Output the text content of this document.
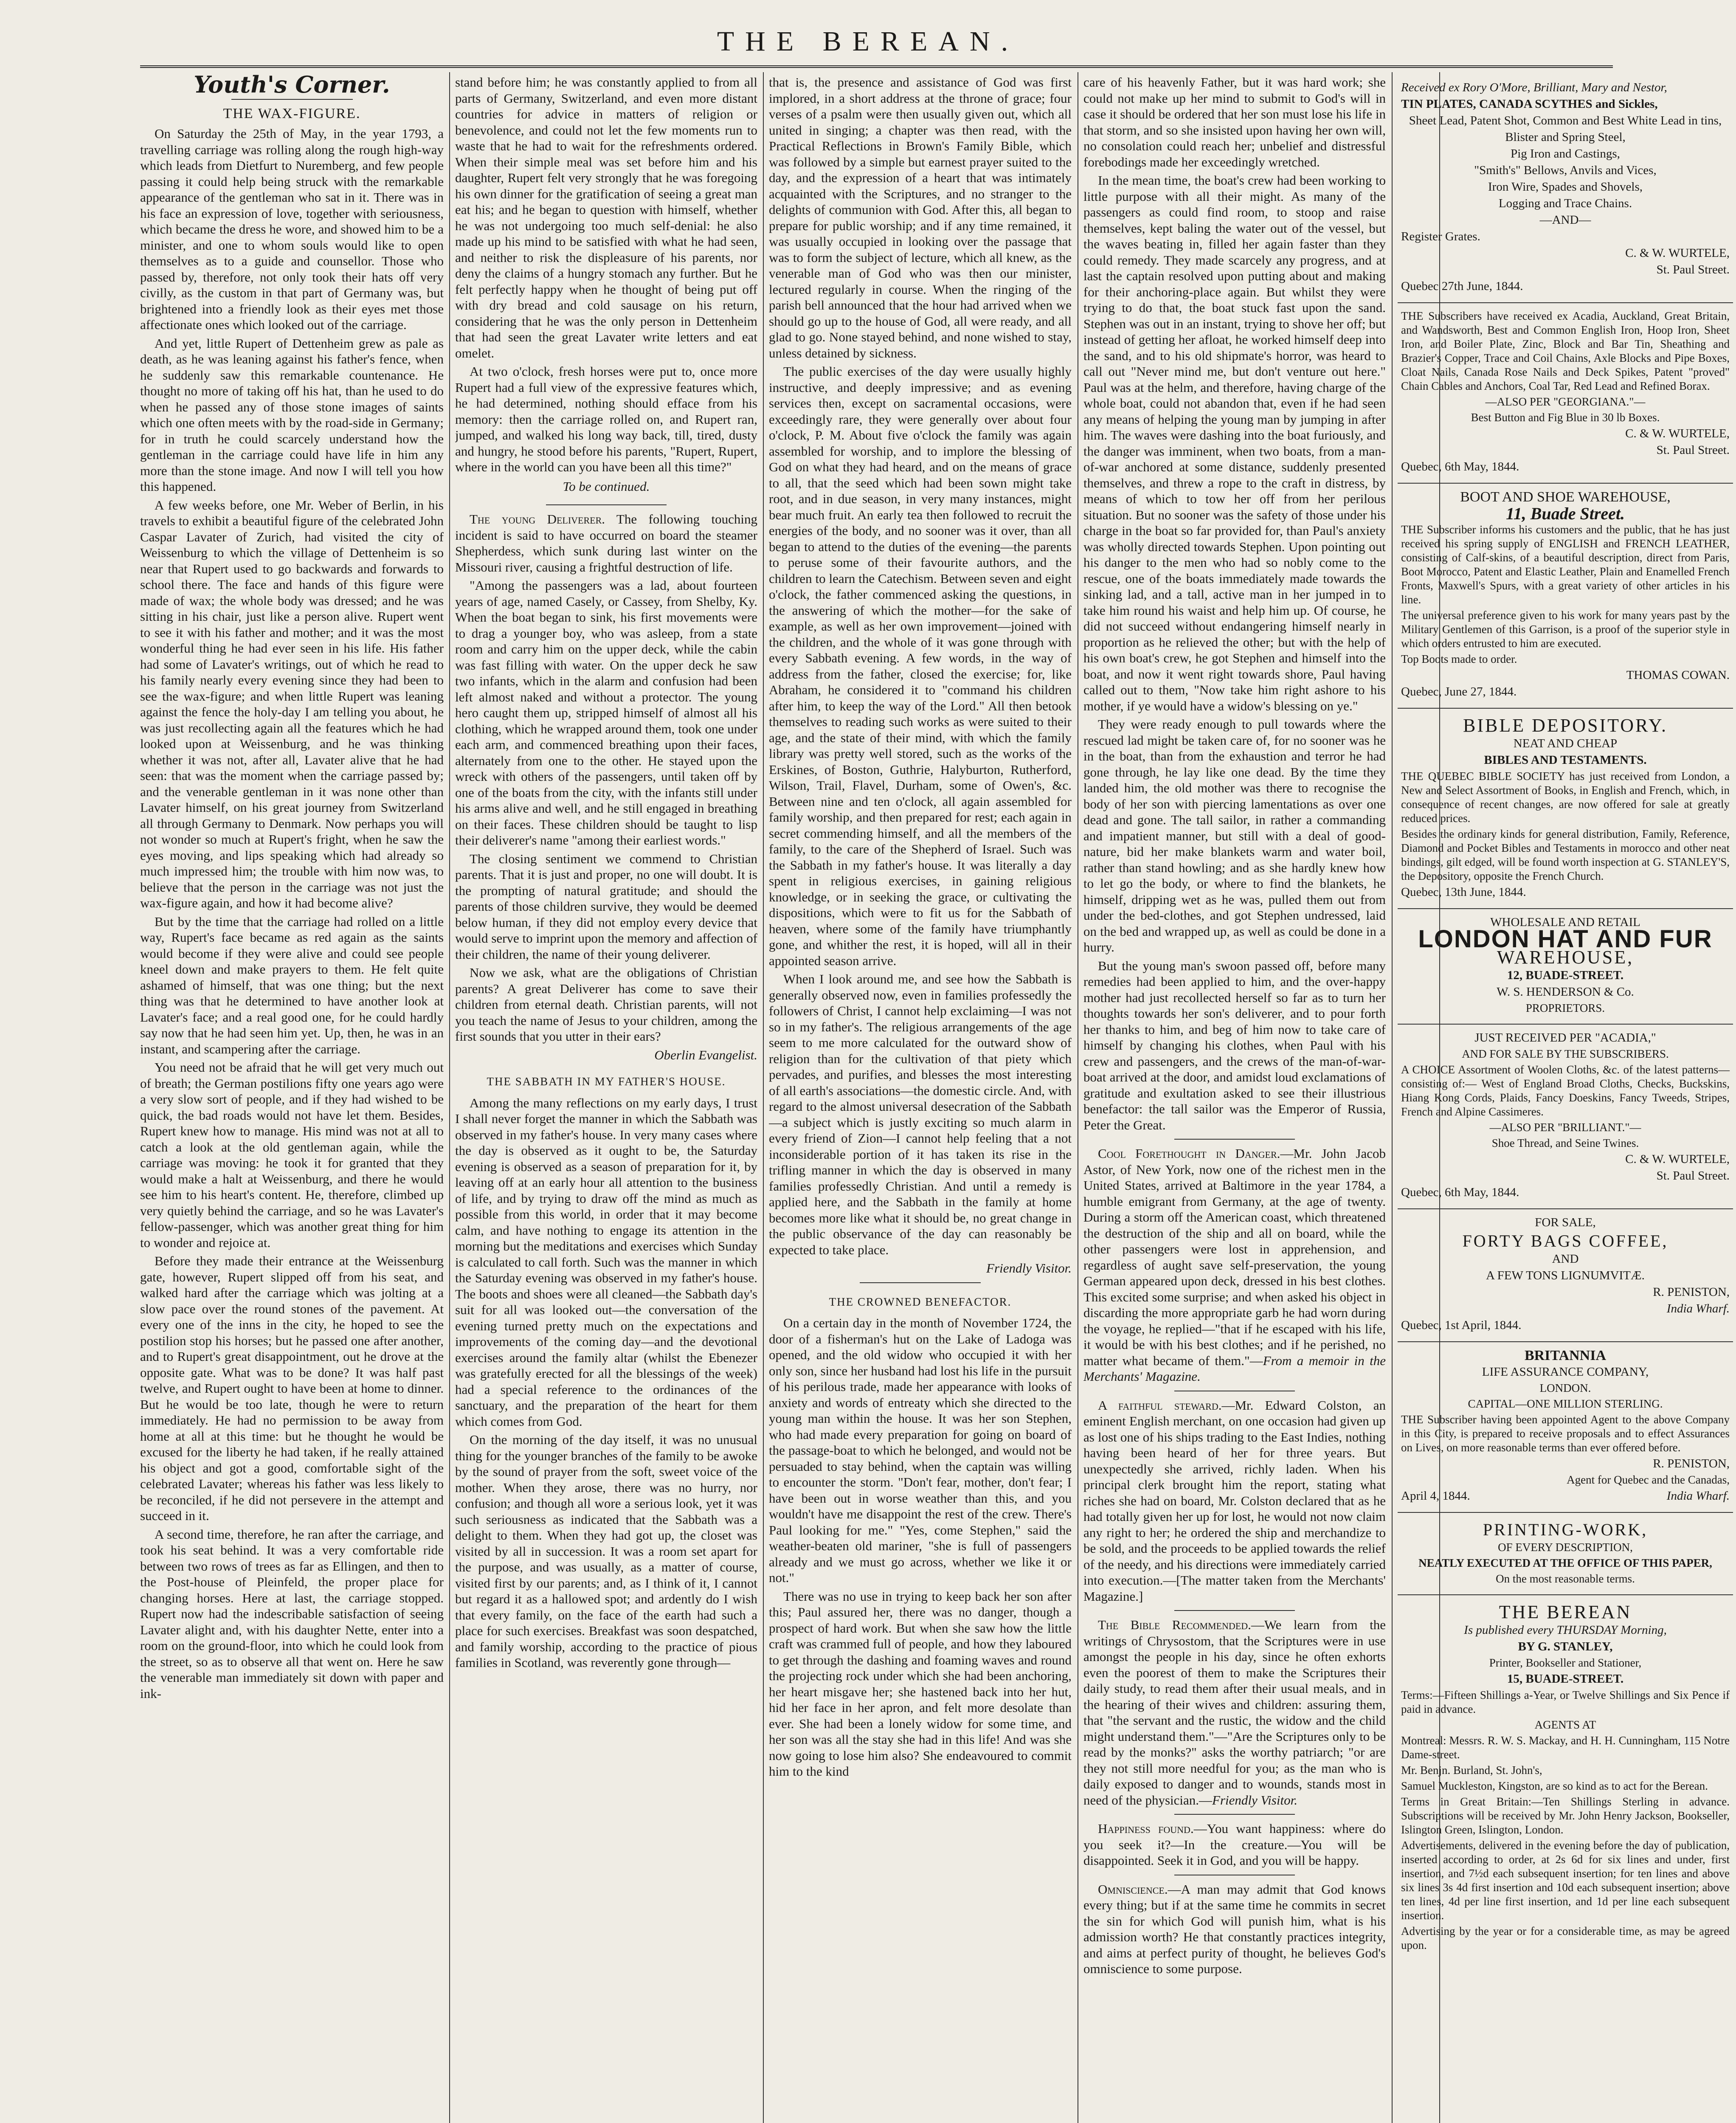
THE BEREAN.
Youth's Corner.
THE WAX-FIGURE.

On Saturday the 25th of May, in the year 1793, a travelling carriage was rolling along the rough high-way which leads from Dietfurt to Nuremberg, and few people passing it could help being struck with the remarkable appearance of the gentleman who sat in it. There was in his face an expression of love, together with seriousness, which became the dress he wore, and showed him to be a minister, and one to whom souls would like to open themselves as to a guide and counsellor. Those who passed by, therefore, not only took their hats off very civilly, as the custom in that part of Germany was, but brightened into a friendly look as their eyes met those affectionate ones which looked out of the carriage.

And yet, little Rupert of Dettenheim grew as pale as death, as he was leaning against his father's fence, when he suddenly saw this remarkable countenance. He thought no more of taking off his hat, than he used to do when he passed any of those stone images of saints which one often meets with by the road-side in Germany; for in truth he could scarcely understand how the gentleman in the carriage could have life in him any more than the stone image. And now I will tell you how this happened.

A few weeks before, one Mr. Weber of Berlin, in his travels to exhibit a beautiful figure of the celebrated John Caspar Lavater of Zurich, had visited the city of Weissenburg to which the village of Dettenheim is so near that Rupert used to go backwards and forwards to school there. The face and hands of this figure were made of wax; the whole body was dressed; and he was sitting in his chair, just like a person alive. Rupert went to see it with his father and mother; and it was the most wonderful thing he had ever seen in his life. His father had some of Lavater's writings, out of which he read to his family nearly every evening since they had been to see the wax-figure; and when little Rupert was leaning against the fence the holy-day I am telling you about, he was just recollecting again all the features which he had looked upon at Weissenburg, and he was thinking whether it was not, after all, Lavater alive that he had seen: that was the moment when the carriage passed by; and the venerable gentleman in it was none other than Lavater himself, on his great journey from Switzerland all through Germany to Denmark. Now perhaps you will not wonder so much at Rupert's fright, when he saw the eyes moving, and lips speaking which had already so much impressed him; the trouble with him now was, to believe that the person in the carriage was not just the wax-figure again, and how it had become alive?

But by the time that the carriage had rolled on a little way, Rupert's face became as red again as the saints would become if they were alive and could see people kneel down and make prayers to them. He felt quite ashamed of himself, that was one thing; but the next thing was that he determined to have another look at Lavater's face; and a real good one, for he could hardly say now that he had seen him yet. Up, then, he was in an instant, and scampering after the carriage.

You need not be afraid that he will get very much out of breath; the German postilions fifty one years ago were a very slow sort of people, and if they had wished to be quick, the bad roads would not have let them. Besides, Rupert knew how to manage. His mind was not at all to catch a look at the old gentleman again, while the carriage was moving: he took it for granted that they would make a halt at Weissenburg, and there he would see him to his heart's content. He, therefore, climbed up very quietly behind the carriage, and so he was Lavater's fellow-passenger, which was another great thing for him to wonder and rejoice at.

Before they made their entrance at the Weissenburg gate, however, Rupert slipped off from his seat, and walked hard after the carriage which was jolting at a slow pace over the round stones of the pavement. At every one of the inns in the city, he hoped to see the postilion stop his horses; but he passed one after another, and to Rupert's great disappointment, out he drove at the opposite gate. What was to be done? It was half past twelve, and Rupert ought to have been at home to dinner. But he would be too late, though he were to return immediately. He had no permission to be away from home at all at this time: but he thought he would be excused for the liberty he had taken, if he really attained his object and got a good, comfortable sight of the celebrated Lavater; whereas his father was less likely to be reconciled, if he did not persevere in the attempt and succeed in it.

A second time, therefore, he ran after the carriage, and took his seat behind. It was a very comfortable ride between two rows of trees as far as Ellingen, and then to the Post-house of Pleinfeld, the proper place for changing horses. Here at last, the carriage stopped. Rupert now had the indescribable satisfaction of seeing Lavater alight and, with his daughter Nette, enter into a room on the ground-floor, into which he could look from the street, so as to observe all that went on. Here he saw the venerable man immediately sit down with paper and ink-

stand before him; he was constantly applied to from all parts of Germany, Switzerland, and even more distant countries for advice in matters of religion or benevolence, and could not let the few moments run to waste that he had to wait for the refreshments ordered. When their simple meal was set before him and his daughter, Rupert felt very strongly that he was foregoing his own dinner for the gratification of seeing a great man eat his; and he began to question with himself, whether he was not undergoing too much self-denial: he also made up his mind to be satisfied with what he had seen, and neither to risk the displeasure of his parents, nor deny the claims of a hungry stomach any further. But he felt perfectly happy when he thought of being put off with dry bread and cold sausage on his return, considering that he was the only person in Dettenheim that had seen the great Lavater write letters and eat omelet.

At two o'clock, fresh horses were put to, once more Rupert had a full view of the expressive features which, he had determined, nothing should efface from his memory: then the carriage rolled on, and Rupert ran, jumped, and walked his long way back, till, tired, dusty and hungry, he stood before his parents, "Rupert, Rupert, where in the world can you have been all this time?"

To be continued.

The young Deliverer. The following touching incident is said to have occurred on board the steamer Shepherdess, which sunk during last winter on the Missouri river, causing a frightful destruction of life.

"Among the passengers was a lad, about fourteen years of age, named Casely, or Cassey, from Shelby, Ky. When the boat began to sink, his first movements were to drag a younger boy, who was asleep, from a state room and carry him on the upper deck, while the cabin was fast filling with water. On the upper deck he saw two infants, which in the alarm and confusion had been left almost naked and without a protector. The young hero caught them up, stripped himself of almost all his clothing, which he wrapped around them, took one under each arm, and commenced breathing upon their faces, alternately from one to the other. He stayed upon the wreck with others of the passengers, until taken off by one of the boats from the city, with the infants still under his arms alive and well, and he still engaged in breathing on their faces. These children should be taught to lisp their deliverer's name "among their earliest words."

The closing sentiment we commend to Christian parents. That it is just and proper, no one will doubt. It is the prompting of natural gratitude; and should the parents of those children survive, they would be deemed below human, if they did not employ every device that would serve to imprint upon the memory and affection of their children, the name of their young deliverer.

Now we ask, what are the obligations of Christian parents? A great Deliverer has come to save their children from eternal death. Christian parents, will not you teach the name of Jesus to your children, among the first sounds that you utter in their ears?

Oberlin Evangelist.
THE SABBATH IN MY FATHER'S HOUSE.

Among the many reflections on my early days, I trust I shall never forget the manner in which the Sabbath was observed in my father's house. In very many cases where the day is observed as it ought to be, the Saturday evening is observed as a season of preparation for it, by leaving off at an early hour all attention to the business of life, and by trying to draw off the mind as much as possible from this world, in order that it may become calm, and have nothing to engage its attention in the morning but the meditations and exercises which Sunday is calculated to call forth. Such was the manner in which the Saturday evening was observed in my father's house. The boots and shoes were all cleaned—the Sabbath day's suit for all was looked out—the conversation of the evening turned pretty much on the expectations and improvements of the coming day—and the devotional exercises around the family altar (whilst the Ebenezer was gratefully erected for all the blessings of the week) had a special reference to the ordinances of the sanctuary, and the preparation of the heart for them which comes from God.

On the morning of the day itself, it was no unusual thing for the younger branches of the family to be awoke by the sound of prayer from the soft, sweet voice of the mother. When they arose, there was no hurry, nor confusion; and though all wore a serious look, yet it was such seriousness as indicated that the Sabbath was a delight to them. When they had got up, the closet was visited by all in succession. It was a room set apart for the purpose, and was usually, as a matter of course, visited first by our parents; and, as I think of it, I cannot but regard it as a hallowed spot; and ardently do I wish that every family, on the face of the earth had such a place for such exercises. Breakfast was soon despatched, and family worship, according to the practice of pious families in Scotland, was reverently gone through—

that is, the presence and assistance of God was first implored, in a short address at the throne of grace; four verses of a psalm were then usually given out, which all united in singing; a chapter was then read, with the Practical Reflections in Brown's Family Bible, which was followed by a simple but earnest prayer suited to the day, and the expression of a heart that was intimately acquainted with the Scriptures, and no stranger to the delights of communion with God. After this, all began to prepare for public worship; and if any time remained, it was usually occupied in looking over the passage that was to form the subject of lecture, which all knew, as the venerable man of God who was then our minister, lectured regularly in course. When the ringing of the parish bell announced that the hour had arrived when we should go up to the house of God, all were ready, and all glad to go. None stayed behind, and none wished to stay, unless detained by sickness.

The public exercises of the day were usually highly instructive, and deeply impressive; and as evening services then, except on sacramental occasions, were exceedingly rare, they were generally over about four o'clock, P. M. About five o'clock the family was again assembled for worship, and to implore the blessing of God on what they had heard, and on the means of grace to all, that the seed which had been sown might take root, and in due season, in very many instances, might bear much fruit. An early tea then followed to recruit the energies of the body, and no sooner was it over, than all began to attend to the duties of the evening—the parents to peruse some of their favourite authors, and the children to learn the Catechism. Between seven and eight o'clock, the father commenced asking the questions, in the answering of which the mother—for the sake of example, as well as her own improvement—joined with the children, and the whole of it was gone through with every Sabbath evening. A few words, in the way of address from the father, closed the exercise; for, like Abraham, he considered it to "command his children after him, to keep the way of the Lord." All then betook themselves to reading such works as were suited to their age, and the state of their mind, with which the family library was pretty well stored, such as the works of the Erskines, of Boston, Guthrie, Halyburton, Rutherford, Wilson, Trail, Flavel, Durham, some of Owen's, &c. Between nine and ten o'clock, all again assembled for family worship, and then prepared for rest; each again in secret commending himself, and all the members of the family, to the care of the Shepherd of Israel. Such was the Sabbath in my father's house. It was literally a day spent in religious exercises, in gaining religious knowledge, or in seeking the grace, or cultivating the dispositions, which were to fit us for the Sabbath of heaven, where some of the family have triumphantly gone, and whither the rest, it is hoped, will all in their appointed season arrive.

When I look around me, and see how the Sabbath is generally observed now, even in families professedly the followers of Christ, I cannot help exclaiming—I was not so in my father's. The religious arrangements of the age seem to me more calculated for the outward show of religion than for the cultivation of that piety which pervades, and purifies, and blesses the most interesting of all earth's associations—the domestic circle. And, with regard to the almost universal desecration of the Sabbath—a subject which is justly exciting so much alarm in every friend of Zion—I cannot help feeling that a not inconsiderable portion of it has taken its rise in the trifling manner in which the day is observed in many families professedly Christian. And until a remedy is applied here, and the Sabbath in the family at home becomes more like what it should be, no great change in the public observance of the day can reasonably be expected to take place.

Friendly Visitor.
THE CROWNED BENEFACTOR.

On a certain day in the month of November 1724, the door of a fisherman's hut on the Lake of Ladoga was opened, and the old widow who occupied it with her only son, since her husband had lost his life in the pursuit of his perilous trade, made her appearance with looks of anxiety and words of entreaty which she directed to the young man within the house. It was her son Stephen, who had made every preparation for going on board of the passage-boat to which he belonged, and would not be persuaded to stay behind, when the captain was willing to encounter the storm. "Don't fear, mother, don't fear; I have been out in worse weather than this, and you wouldn't have me disappoint the rest of the crew. There's Paul looking for me." "Yes, come Stephen," said the weather-beaten old mariner, "she is full of passengers already and we must go across, whether we like it or not."

There was no use in trying to keep back her son after this; Paul assured her, there was no danger, though a prospect of hard work. But when she saw how the little craft was crammed full of people, and how they laboured to get through the dashing and foaming waves and round the projecting rock under which she had been anchoring, her heart misgave her; she hastened back into her hut, hid her face in her apron, and felt more desolate than ever. She had been a lonely widow for some time, and her son was all the stay she had in this life! And was she now going to lose him also? She endeavoured to commit him to the kind

care of his heavenly Father, but it was hard work; she could not make up her mind to submit to God's will in case it should be ordered that her son must lose his life in that storm, and so she insisted upon having her own will, no consolation could reach her; unbelief and distressful forebodings made her exceedingly wretched.

In the mean time, the boat's crew had been working to little purpose with all their might. As many of the passengers as could find room, to stoop and raise themselves, kept baling the water out of the vessel, but the waves beating in, filled her again faster than they could remedy. They made scarcely any progress, and at last the captain resolved upon putting about and making for their anchoring-place again. But whilst they were trying to do that, the boat stuck fast upon the sand. Stephen was out in an instant, trying to shove her off; but instead of getting her afloat, he worked himself deep into the sand, and to his old shipmate's horror, was heard to call out "Never mind me, but don't venture out here." Paul was at the helm, and therefore, having charge of the whole boat, could not abandon that, even if he had seen any means of helping the young man by jumping in after him. The waves were dashing into the boat furiously, and the danger was imminent, when two boats, from a man-of-war anchored at some distance, suddenly presented themselves, and threw a rope to the craft in distress, by means of which to tow her off from her perilous situation. But no sooner was the safety of those under his charge in the boat so far provided for, than Paul's anxiety was wholly directed towards Stephen. Upon pointing out his danger to the men who had so nobly come to the rescue, one of the boats immediately made towards the sinking lad, and a tall, active man in her jumped in to take him round his waist and help him up. Of course, he did not succeed without endangering himself nearly in proportion as he relieved the other; but with the help of his own boat's crew, he got Stephen and himself into the boat, and now it went right towards shore, Paul having called out to them, "Now take him right ashore to his mother, if ye would have a widow's blessing on ye."

They were ready enough to pull towards where the rescued lad might be taken care of, for no sooner was he in the boat, than from the exhaustion and terror he had gone through, he lay like one dead. By the time they landed him, the old mother was there to recognise the body of her son with piercing lamentations as over one dead and gone. The tall sailor, in rather a commanding and impatient manner, but still with a deal of good-nature, bid her make blankets warm and water boil, rather than stand howling; and as she hardly knew how to let go the body, or where to find the blankets, he himself, dripping wet as he was, pulled them out from under the bed-clothes, and got Stephen undressed, laid on the bed and wrapped up, as well as could be done in a hurry.

But the young man's swoon passed off, before many remedies had been applied to him, and the over-happy mother had just recollected herself so far as to turn her thoughts towards her son's deliverer, and to pour forth her thanks to him, and beg of him now to take care of himself by changing his clothes, when Paul with his crew and passengers, and the crews of the man-of-war-boat arrived at the door, and amidst loud exclamations of gratitude and exultation asked to see their illustrious benefactor: the tall sailor was the Emperor of Russia, Peter the Great.

Cool Forethought in Danger.—Mr. John Jacob Astor, of New York, now one of the richest men in the United States, arrived at Baltimore in the year 1784, a humble emigrant from Germany, at the age of twenty. During a storm off the American coast, which threatened the destruction of the ship and all on board, while the other passengers were lost in apprehension, and regardless of aught save self-preservation, the young German appeared upon deck, dressed in his best clothes. This excited some surprise; and when asked his object in discarding the more appropriate garb he had worn during the voyage, he replied—"that if he escaped with his life, it would be with his best clothes; and if he perished, no matter what became of them."—From a memoir in the Merchants' Magazine.

A faithful steward.—Mr. Edward Colston, an eminent English merchant, on one occasion had given up as lost one of his ships trading to the East Indies, nothing having been heard of her for three years. But unexpectedly she arrived, richly laden. When his principal clerk brought him the report, stating what riches she had on board, Mr. Colston declared that as he had totally given her up for lost, he would not now claim any right to her; he ordered the ship and merchandize to be sold, and the proceeds to be applied towards the relief of the needy, and his directions were immediately carried into execution.—[The matter taken from the Merchants' Magazine.]

The Bible Recommended.—We learn from the writings of Chrysostom, that the Scriptures were in use amongst the people in his day, since he often exhorts even the poorest of them to make the Scriptures their daily study, to read them after their usual meals, and in the hearing of their wives and children: assuring them, that "the servant and the rustic, the widow and the child might understand them."—"Are the Scriptures only to be read by the monks?" asks the worthy patriarch; "or are they not still more needful for you; as the man who is daily exposed to danger and to wounds, stands most in need of the physician.—Friendly Visitor.

Happiness found.—You want happiness: where do you seek it?—In the creature.—You will be disappointed. Seek it in God, and you will be happy.

Omniscience.—A man may admit that God knows every thing; but if at the same time he commits in secret the sin for which God will punish him, what is his admission worth? He that constantly practices integrity, and aims at perfect purity of thought, he believes God's omniscience to some purpose.

Received ex Rory O'More, Brilliant, Mary and Nestor,

TIN PLATES, CANADA SCYTHES and Sickles,

Sheet Lead, Patent Shot, Common and Best White Lead in tins,

Blister and Spring Steel,

Pig Iron and Castings,

"Smith's" Bellows, Anvils and Vices,

Iron Wire, Spades and Shovels,

Logging and Trace Chains.

—AND—

Register Grates.

C. & W. WURTELE,

St. Paul Street.

Quebec 27th June, 1844.

THE Subscribers have received ex Acadia, Auckland, Great Britain, and Wandsworth, Best and Common English Iron, Hoop Iron, Sheet Iron, and Boiler Plate, Zinc, Block and Bar Tin, Sheathing and Brazier's Copper, Trace and Coil Chains, Axle Blocks and Pipe Boxes, Cloat Nails, Canada Rose Nails and Deck Spikes, Patent "proved" Chain Cables and Anchors, Coal Tar, Red Lead and Refined Borax.

—ALSO PER "GEORGIANA."—

Best Button and Fig Blue in 30 lb Boxes.

C. & W. WURTELE,

St. Paul Street.

Quebec, 6th May, 1844.

BOOT AND SHOE WAREHOUSE,

11, Buade Street.

THE Subscriber informs his customers and the public, that he has just received his spring supply of ENGLISH and FRENCH LEATHER, consisting of Calf-skins, of a beautiful description, direct from Paris, Boot Morocco, Patent and Elastic Leather, Plain and Enamelled French Fronts, Maxwell's Spurs, with a great variety of other articles in his line.

The universal preference given to his work for many years past by the Military Gentlemen of this Garrison, is a proof of the superior style in which orders entrusted to him are executed.

Top Boots made to order.

THOMAS COWAN.

Quebec, June 27, 1844.

BIBLE DEPOSITORY.

NEAT AND CHEAP

BIBLES AND TESTAMENTS.

THE QUEBEC BIBLE SOCIETY has just received from London, a New and Select Assortment of Books, in English and French, which, in consequence of recent changes, are now offered for sale at greatly reduced prices.

Besides the ordinary kinds for general distribution, Family, Reference, Diamond and Pocket Bibles and Testaments in morocco and other neat bindings, gilt edged, will be found worth inspection at G. STANLEY'S, the Depository, opposite the French Church.

Quebec, 13th June, 1844.

WHOLESALE AND RETAIL

LONDON HAT AND FUR

WAREHOUSE,

12, BUADE-STREET.

W. S. HENDERSON & Co.

PROPRIETORS.

JUST RECEIVED PER "ACADIA,"

AND FOR SALE BY THE SUBSCRIBERS.

A CHOICE Assortment of Woolen Cloths, &c. of the latest patterns—consisting of:— West of England Broad Cloths, Checks, Buckskins, Hiang Kong Cords, Plaids, Fancy Doeskins, Fancy Tweeds, Stripes, French and Alpine Cassimeres.

—ALSO PER "BRILLIANT."—

Shoe Thread, and Seine Twines.

C. & W. WURTELE,

St. Paul Street.

Quebec, 6th May, 1844.

FOR SALE,

FORTY BAGS COFFEE,

AND

A FEW TONS LIGNUMVITÆ.

R. PENISTON,

India Wharf.

Quebec, 1st April, 1844.

BRITANNIA

LIFE ASSURANCE COMPANY,

LONDON.

CAPITAL—ONE MILLION STERLING.

THE Subscriber having been appointed Agent to the above Company in this City, is prepared to receive proposals and to effect Assurances on Lives, on more reasonable terms than ever offered before.

R. PENISTON,

Agent for Quebec and the Canadas,

April 4, 1844.	India Wharf.

PRINTING-WORK,

OF EVERY DESCRIPTION,

NEATLY EXECUTED AT THE OFFICE OF THIS PAPER,

On the most reasonable terms.

THE BEREAN

Is published every THURSDAY Morning,

BY G. STANLEY,

Printer, Bookseller and Stationer,

15, BUADE-STREET.

Terms:—Fifteen Shillings a-Year, or Twelve Shillings and Six Pence if paid in advance.

AGENTS AT

Montreal: Messrs. R. W. S. Mackay, and H. H. Cunningham, 115 Notre Dame-street.

Mr. Benjn. Burland, St. John's,

Samuel Muckleston, Kingston, are so kind as to act for the Berean.

Terms in Great Britain:—Ten Shillings Sterling in advance. Subscriptions will be received by Mr. John Henry Jackson, Bookseller, Islington Green, Islington, London.

Advertisements, delivered in the evening before the day of publication, inserted according to order, at 2s 6d for six lines and under, first insertion, and 7½d each subsequent insertion; for ten lines and above six lines 3s 4d first insertion and 10d each subsequent insertion; above ten lines, 4d per line first insertion, and 1d per line each subsequent insertion.

Advertising by the year or for a considerable time, as may be agreed upon.
